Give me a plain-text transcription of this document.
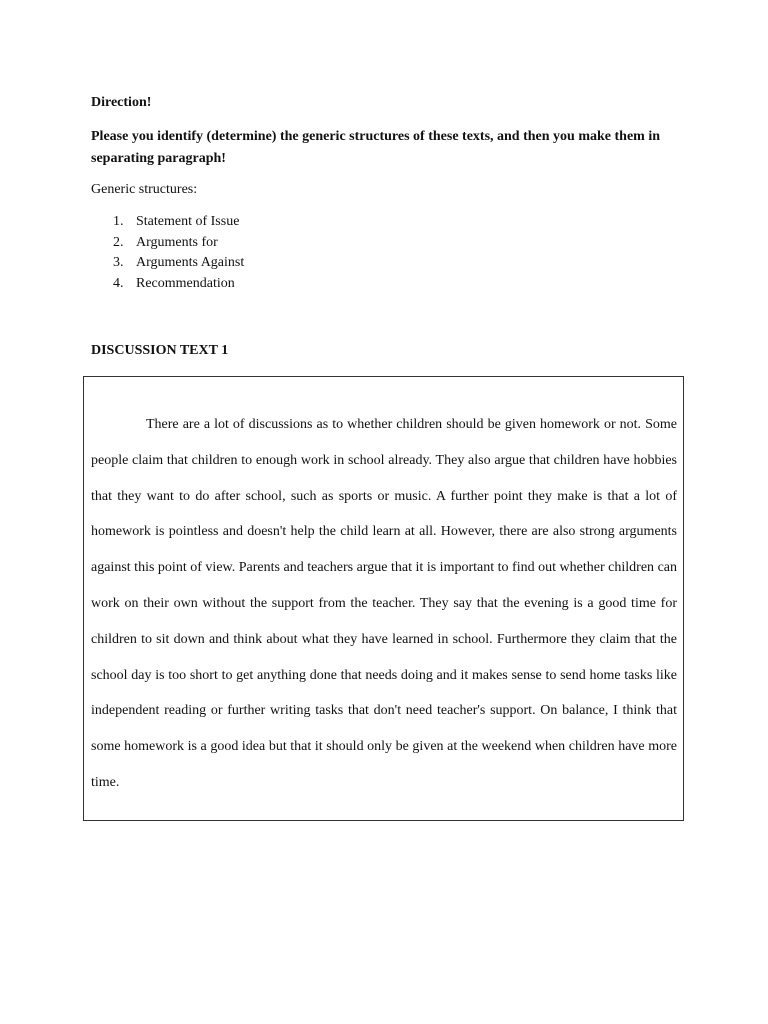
Direction!

Please you identify (determine) the generic structures of these texts, and then you make them in separating paragraph!

Generic structures:

1. Statement of Issue
2. Arguments for
3. Arguments Against
4. Recommendation

DISCUSSION TEXT 1

There are a lot of discussions as to whether children should be given homework or not. Some people claim that children to enough work in school already. They also argue that children have hobbies that they want to do after school, such as sports or music. A further point they make is that a lot of homework is pointless and doesn't help the child learn at all. However, there are also strong arguments against this point of view. Parents and teachers argue that it is important to find out whether children can work on their own without the support from the teacher. They say that the evening is a good time for children to sit down and think about what they have learned in school. Furthermore they claim that the school day is too short to get anything done that needs doing and it makes sense to send home tasks like independent reading or further writing tasks that don't need teacher's support. On balance, I think that some homework is a good idea but that it should only be given at the weekend when children have more time.
